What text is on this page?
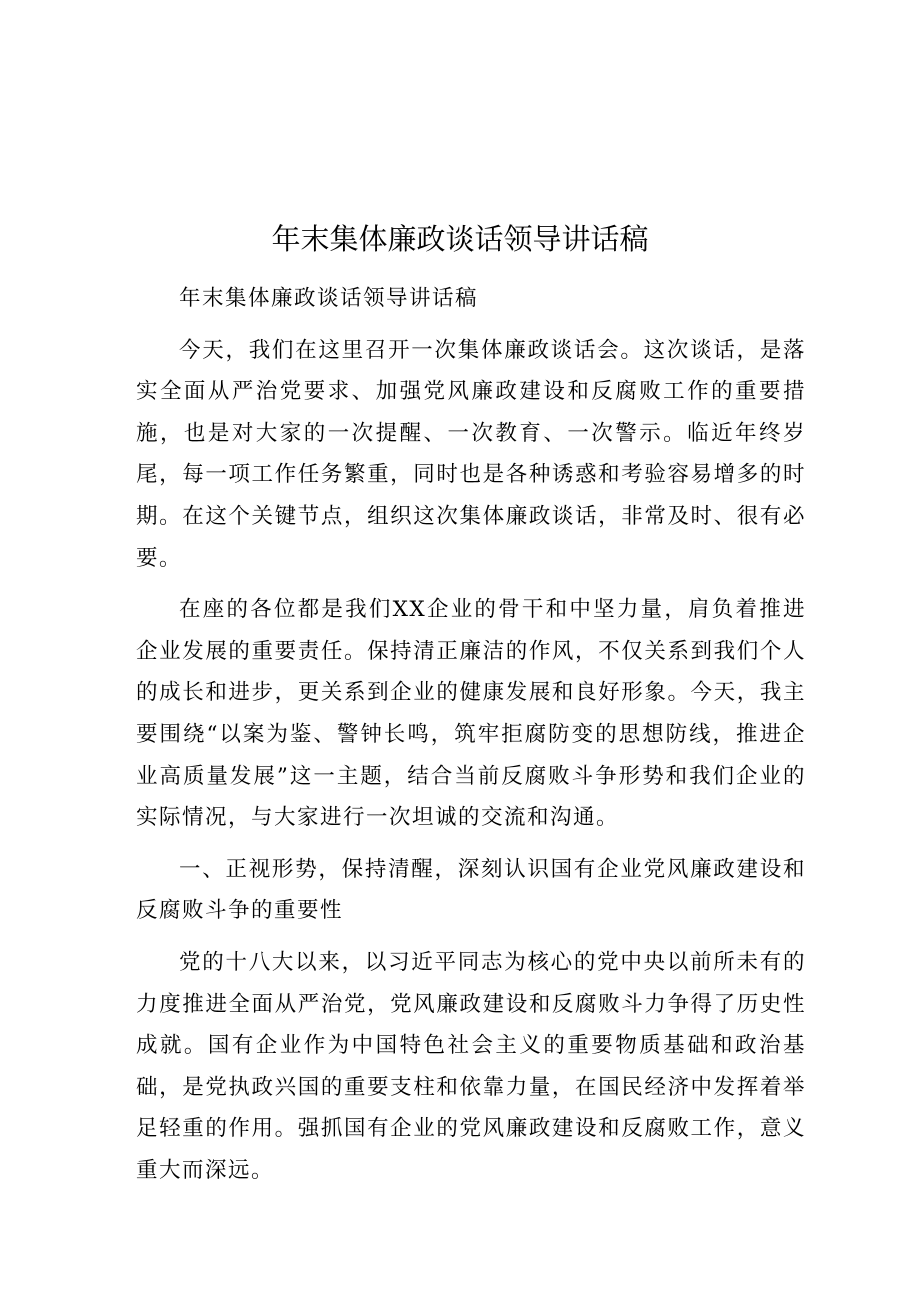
年末集体廉政谈话领导讲话稿

年末集体廉政谈话领导讲话稿

今天，我们在这里召开一次集体廉政谈话会。这次谈话，是落实全面从严治党要求、加强党风廉政建设和反腐败工作的重要措施，也是对大家的一次提醒、一次教育、一次警示。临近年终岁尾，每一项工作任务繁重，同时也是各种诱惑和考验容易增多的时期。在这个关键节点，组织这次集体廉政谈话，非常及时、很有必要。

在座的各位都是我们XX企业的骨干和中坚力量，肩负着推进企业发展的重要责任。保持清正廉洁的作风，不仅关系到我们个人的成长和进步，更关系到企业的健康发展和良好形象。今天，我主要围绕“以案为鉴、警钟长鸣，筑牢拒腐防变的思想防线，推进企业高质量发展”这一主题，结合当前反腐败斗争形势和我们企业的实际情况，与大家进行一次坦诚的交流和沟通。

一、正视形势，保持清醒，深刻认识国有企业党风廉政建设和反腐败斗争的重要性

党的十八大以来，以习近平同志为核心的党中央以前所未有的力度推进全面从严治党，党风廉政建设和反腐败斗力争得了历史性成就。国有企业作为中国特色社会主义的重要物质基础和政治基础，是党执政兴国的重要支柱和依靠力量，在国民经济中发挥着举足轻重的作用。强抓国有企业的党风廉政建设和反腐败工作，意义重大而深远。
